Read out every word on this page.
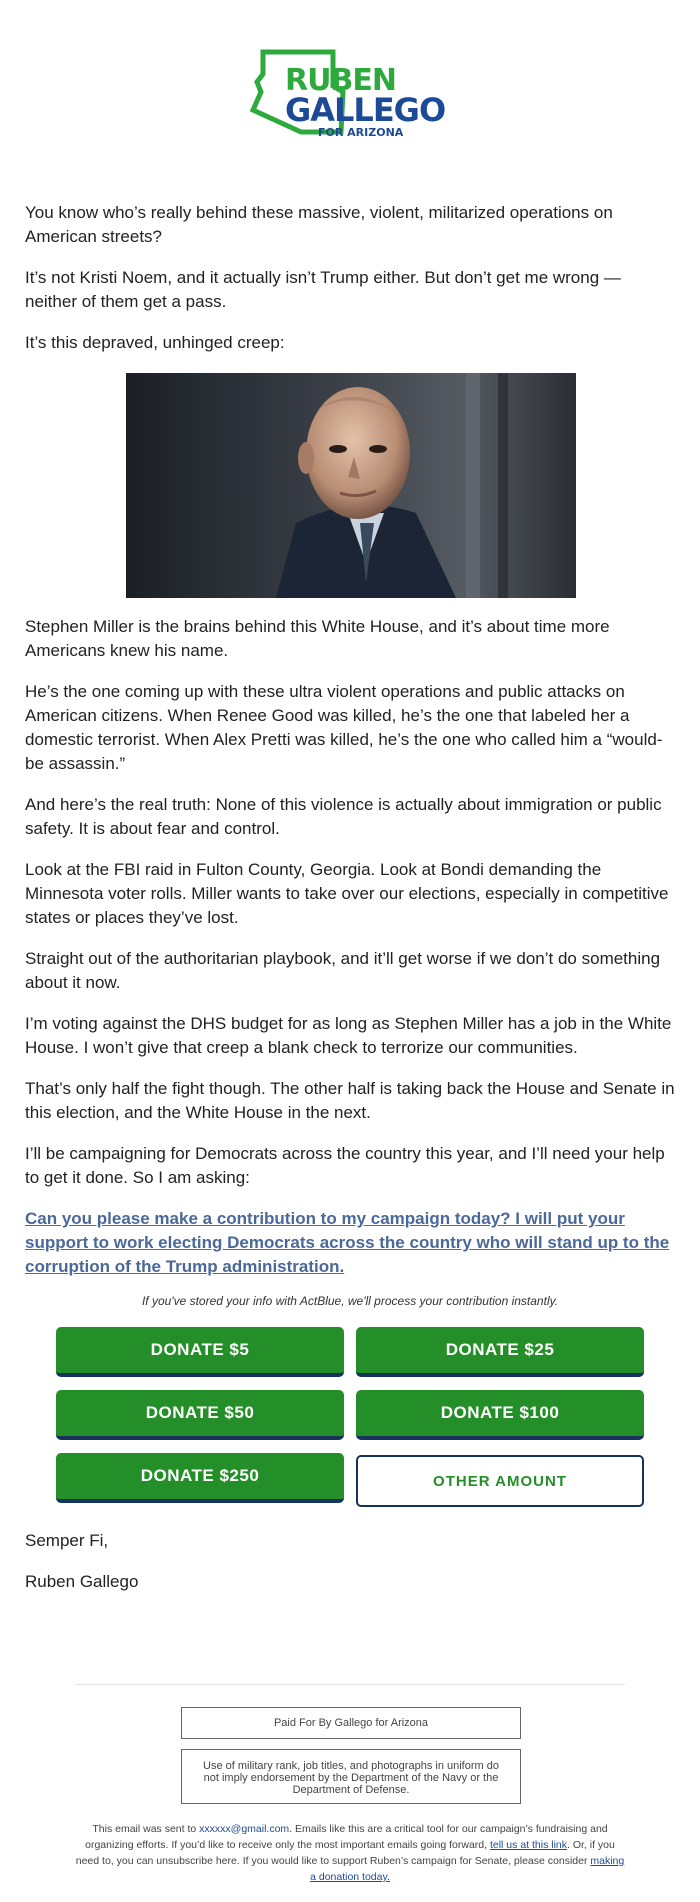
RUBEN
GALLEGO
FOR ARIZONA

You know who’s really behind these massive, violent, militarized operations on American streets?

It’s not Kristi Noem, and it actually isn’t Trump either. But don’t get me wrong — neither of them get a pass.

It’s this depraved, unhinged creep:

Stephen Miller is the brains behind this White House, and it’s about time more Americans knew his name.

He’s the one coming up with these ultra violent operations and public attacks on American citizens. When Renee Good was killed, he’s the one that labeled her a domestic terrorist. When Alex Pretti was killed, he’s the one who called him a “would-be assassin.”

And here’s the real truth: None of this violence is actually about immigration or public safety. It is about fear and control.

Look at the FBI raid in Fulton County, Georgia. Look at Bondi demanding the Minnesota voter rolls. Miller wants to take over our elections, especially in competitive states or places they’ve lost.

Straight out of the authoritarian playbook, and it’ll get worse if we don’t do something about it now.

I’m voting against the DHS budget for as long as Stephen Miller has a job in the White House. I won’t give that creep a blank check to terrorize our communities.

That’s only half the fight though. The other half is taking back the House and Senate in this election, and the White House in the next.

I’ll be campaigning for Democrats across the country this year, and I’ll need your help to get it done. So I am asking:

Can you please make a contribution to my campaign today? I will put your support to work electing Democrats across the country who will stand up to the corruption of the Trump administration.

If you've stored your info with ActBlue, we'll process your contribution instantly.
DONATE $5	DONATE $25
DONATE $50	DONATE $100
DONATE $250	OTHER AMOUNT
Semper Fi,
Ruben Gallego
Paid For By Gallego for Arizona
Use of military rank, job titles, and photographs in uniform do not imply endorsement by the Department of the Navy or the Department of Defense.
This email was sent to xxxxxx@gmail.com. Emails like this are a critical tool for our campaign’s fundraising and organizing efforts. If you’d like to receive only the most important emails going forward, tell us at this link. Or, if you need to, you can unsubscribe here. If you would like to support Ruben’s campaign for Senate, please consider making a donation today.
